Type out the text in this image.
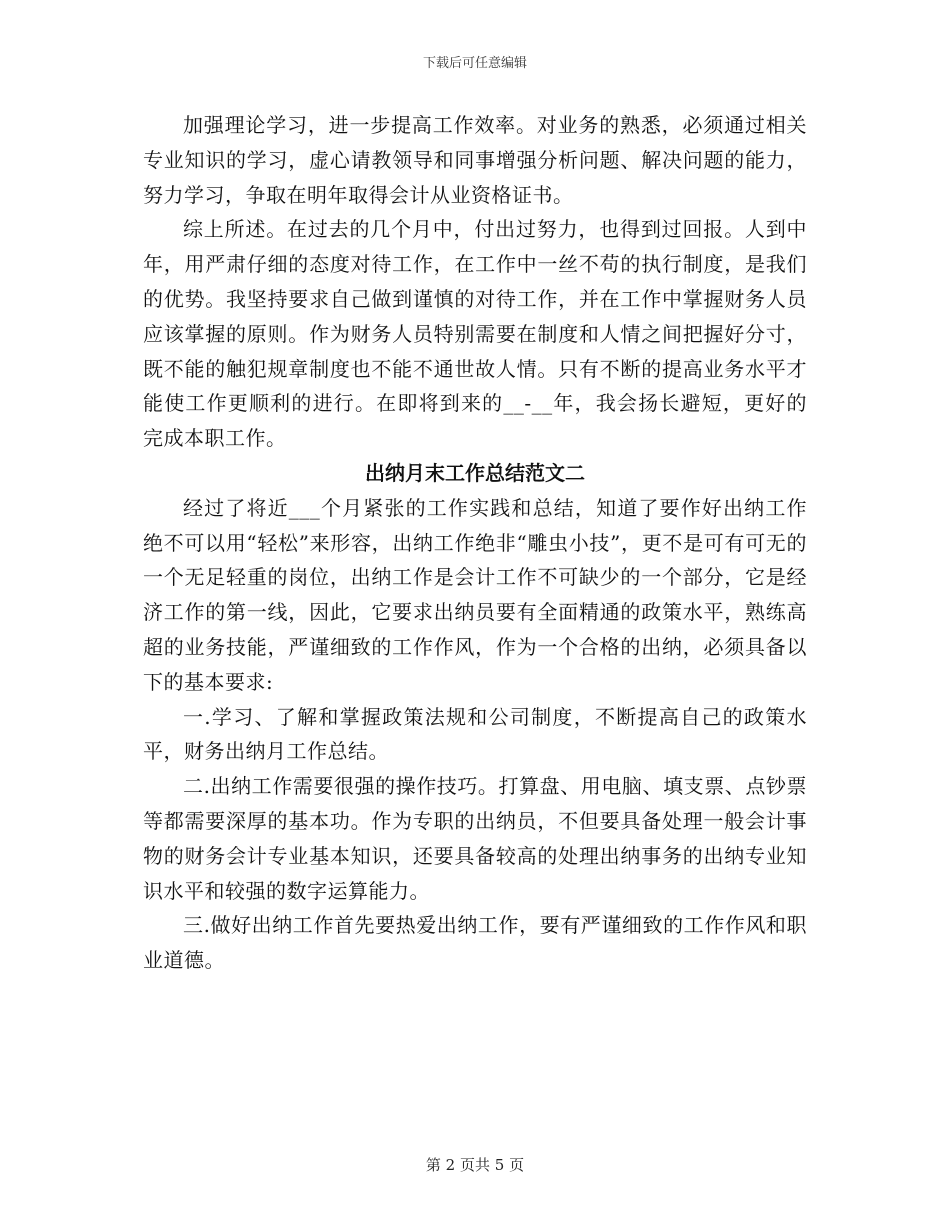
下载后可任意编辑

加强理论学习，进一步提高工作效率。对业务的熟悉，必须通过相关专业知识的学习，虚心请教领导和同事增强分析问题、解决问题的能力，努力学习，争取在明年取得会计从业资格证书。

综上所述。在过去的几个月中，付出过努力，也得到过回报。人到中年，用严肃仔细的态度对待工作，在工作中一丝不苟的执行制度，是我们的优势。我坚持要求自己做到谨慎的对待工作，并在工作中掌握财务人员应该掌握的原则。作为财务人员特别需要在制度和人情之间把握好分寸，既不能的触犯规章制度也不能不通世故人情。只有不断的提高业务水平才能使工作更顺利的进行。在即将到来的__-__年，我会扬长避短，更好的完成本职工作。

出纳月末工作总结范文二

经过了将近___个月紧张的工作实践和总结，知道了要作好出纳工作绝不可以用“轻松”来形容，出纳工作绝非“雕虫小技”，更不是可有可无的一个无足轻重的岗位，出纳工作是会计工作不可缺少的一个部分，它是经济工作的第一线，因此，它要求出纳员要有全面精通的政策水平，熟练高超的业务技能，严谨细致的工作作风，作为一个合格的出纳，必须具备以下的基本要求:

一.学习、了解和掌握政策法规和公司制度，不断提高自己的政策水平，财务出纳月工作总结。

二.出纳工作需要很强的操作技巧。打算盘、用电脑、填支票、点钞票等都需要深厚的基本功。作为专职的出纳员，不但要具备处理一般会计事物的财务会计专业基本知识，还要具备较高的处理出纳事务的出纳专业知识水平和较强的数字运算能力。

三.做好出纳工作首先要热爱出纳工作，要有严谨细致的工作作风和职业道德。

第 2 页共 5 页
